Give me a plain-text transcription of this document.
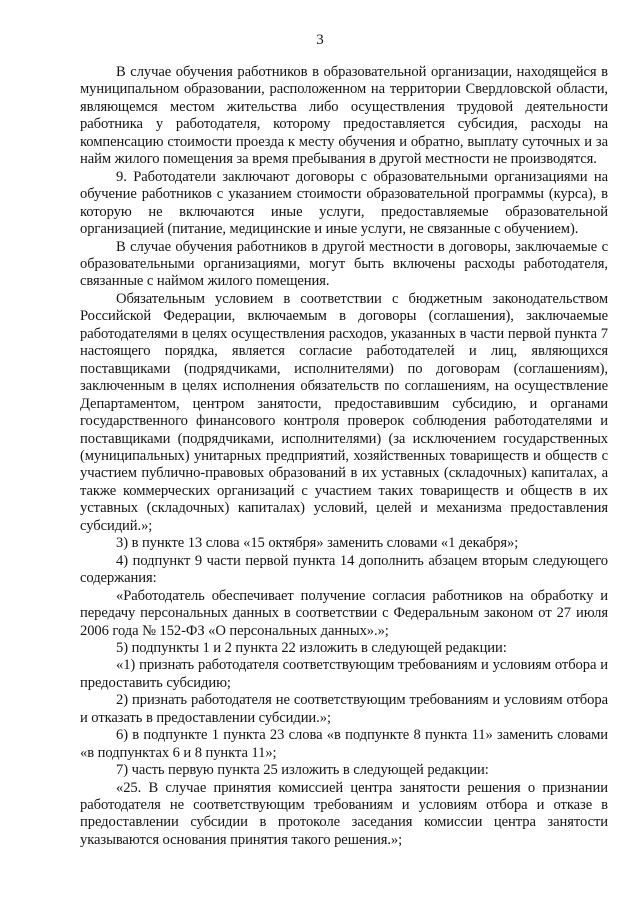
3

В случае обучения работников в образовательной организации, находящейся в муниципальном образовании, расположенном на территории Свердловской области, являющемся местом жительства либо осуществления трудовой деятельности работника у работодателя, которому предоставляется субсидия, расходы на компенсацию стоимости проезда к месту обучения и обратно, выплату суточных и за найм жилого помещения за время пребывания в другой местности не производятся.

9. Работодатели заключают договоры с образовательными организациями на обучение работников с указанием стоимости образовательной программы (курса), в которую не включаются иные услуги, предоставляемые образовательной организацией (питание, медицинские и иные услуги, не связанные с обучением).

В случае обучения работников в другой местности в договоры, заключаемые с образовательными организациями, могут быть включены расходы работодателя, связанные с наймом жилого помещения.

Обязательным условием в соответствии с бюджетным законодательством Российской Федерации, включаемым в договоры (соглашения), заключаемые работодателями в целях осуществления расходов, указанных в части первой пункта 7 настоящего порядка, является согласие работодателей и лиц, являющихся поставщиками (подрядчиками, исполнителями) по договорам (соглашениям), заключенным в целях исполнения обязательств по соглашениям, на осуществление Департаментом, центром занятости, предоставившим субсидию, и органами государственного финансового контроля проверок соблюдения работодателями и поставщиками (подрядчиками, исполнителями) (за исключением государственных (муниципальных) унитарных предприятий, хозяйственных товариществ и обществ с участием публично-правовых образований в их уставных (складочных) капиталах, а также коммерческих организаций с участием таких товариществ и обществ в их уставных (складочных) капиталах) условий, целей и механизма предоставления субсидий.»;

3) в пункте 13 слова «15 октября» заменить словами «1 декабря»;

4) подпункт 9 части первой пункта 14 дополнить абзацем вторым следующего содержания:

«Работодатель обеспечивает получение согласия работников на обработку и передачу персональных данных в соответствии с Федеральным законом от 27 июля 2006 года № 152-ФЗ «О персональных данных».»;

5) подпункты 1 и 2 пункта 22 изложить в следующей редакции:

«1) признать работодателя соответствующим требованиям и условиям отбора и предоставить субсидию;

2) признать работодателя не соответствующим требованиям и условиям отбора и отказать в предоставлении субсидии.»;

6) в подпункте 1 пункта 23 слова «в подпункте 8 пункта 11» заменить словами «в подпунктах 6 и 8 пункта 11»;

7) часть первую пункта 25 изложить в следующей редакции:

«25. В случае принятия комиссией центра занятости решения о признании работодателя не соответствующим требованиям и условиям отбора и отказе в предоставлении субсидии в протоколе заседания комиссии центра занятости указываются основания принятия такого решения.»;
